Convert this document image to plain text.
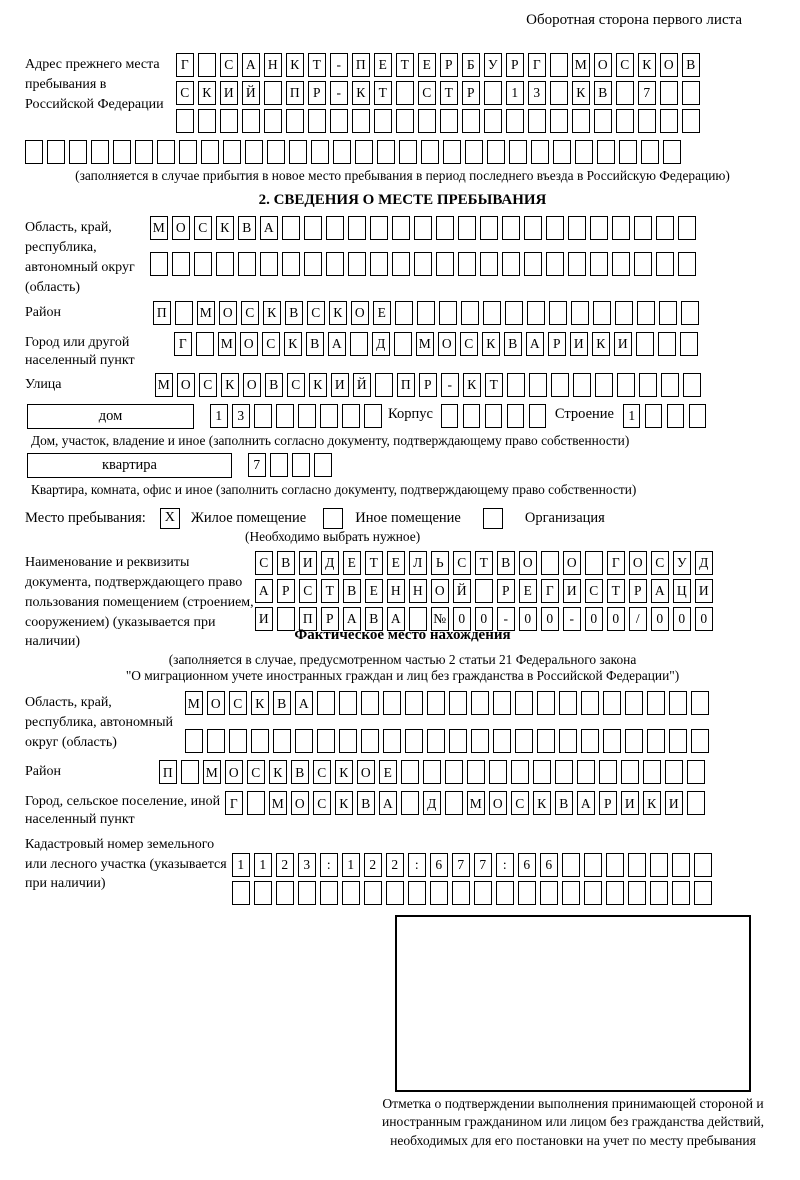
Оборотная сторона первого листа
Адрес прежнего места пребывания в Российской Федерации
Г	С А Н К Т	-	П Е	Т	Е	Р	Б У Р	Г	М О С К О В
С К И Й	П Р	-	К Т	С Т	Р	1	3	К В	7
(заполняется в случае прибытия в новое место пребывания в период последнего въезда в Российскую Федерацию)
2. СВЕДЕНИЯ О МЕСТЕ ПРЕБЫВАНИЯ
Область, край, республика, автономный округ (область)
М О С К В А
Район	П М О С К В С К О Е
Город или другой населенный пункт
Г	М О С К В А	Д	М О С К В А Р И К И
Улица	М О С К О В С К И Й	П Р	-	К Т
дом	1	3	Корпус	Строение	1
Дом, участок, владение и иное (заполнить согласно документу, подтверждающему право собственности)
квартира	7
Квартира, комната, офис и иное (заполнить согласно документу, подтверждающему право собственности)
Место пребывания:	X	Жилое помещение	Иное помещение	Организация
(Необходимо выбрать нужное)
Наименование и реквизиты документа, подтверждающего право пользования помещением (строением, сооружением) (указывается при наличии)
С В И Д Е	Т	Е Л	Ь	С Т В О	О	Г О С У Д
А Р	С Т В Е Н Н О Й	Р	Е	Г И С Т	Р А Ц И
И	П Р А В А № 0	0	-	0	0	-	0	0	/	0	0	0
Фактическое место нахождения
(заполняется в случае, предусмотренном частью 2 статьи 21 Федерального закона
"О миграционном учете иностранных граждан и лиц без гражданства в Российской Федерации")
Область, край, республика, автономный округ (область)
М О С К В А
Район	П М О С К В С К О Е
Город, сельское поселение, иной населенный пункт
Г	М О С К В А	Д	М О С К В А Р И К И
Кадастровый номер земельного или лесного участка (указывается при наличии)
1	1	2	3	:	1	2	2	:	6	7	7	:	6	6
Отметка о подтверждении выполнения принимающей стороной и иностранным гражданином или лицом без гражданства действий, необходимых для его постановки на учет по месту пребывания
